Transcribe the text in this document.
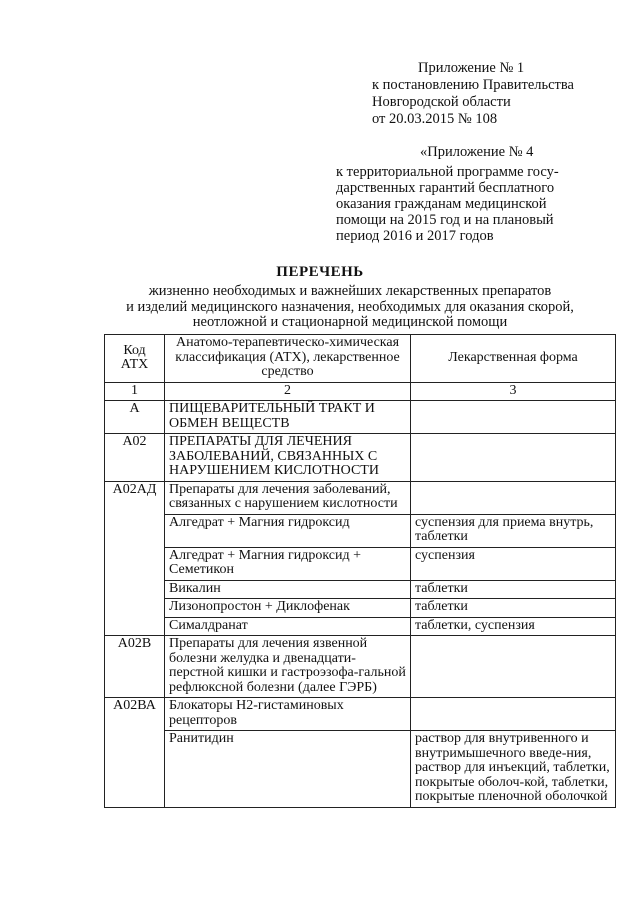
Приложение № 1
к постановлению Правительства
Новгородской области
от 20.03.2015 № 108
«Приложение № 4
к территориальной программе госу-
дарственных гарантий бесплатного
оказания гражданам медицинской
помощи на 2015 год и на плановый
период 2016 и 2017 годов
ПЕРЕЧЕНЬ
жизненно необходимых и важнейших лекарственных препаратов
и изделий медицинского назначения, необходимых для оказания скорой,
неотложной и стационарной медицинской помощи
Код АТХ	Анатомо-терапевтическо-химическая классификация (АТХ), лекарственное средство	Лекарственная форма
1	2	3
А	ПИЩЕВАРИТЕЛЬНЫЙ ТРАКТ И ОБМЕН ВЕЩЕСТВ	
А02	ПРЕПАРАТЫ ДЛЯ ЛЕЧЕНИЯ ЗАБОЛЕВАНИЙ, СВЯЗАННЫХ С НАРУШЕНИЕМ КИСЛОТНОСТИ	
А02АД	Препараты для лечения заболеваний, связанных с нарушением кислотности	
	Алгедрат + Магния гидроксид	суспензия для приема внутрь, таблетки
	Алгедрат + Магния гидроксид + Семетикон	суспензия
	Викалин	таблетки
	Лизонопростон + Диклофенак	таблетки
	Сималдранат	таблетки, суспензия
А02В	Препараты для лечения язвенной болезни желудка и двенадцати-перстной кишки и гастроэзофа-гальной рефлюксной болезни (далее ГЭРБ)	
А02ВА	Блокаторы Н2-гистаминовых рецепторов	
	Ранитидин	раствор для внутривенного и внутримышечного введе-ния, раствор для инъекций, таблетки, покрытые оболоч-кой, таблетки, покрытые пленочной оболочкой
